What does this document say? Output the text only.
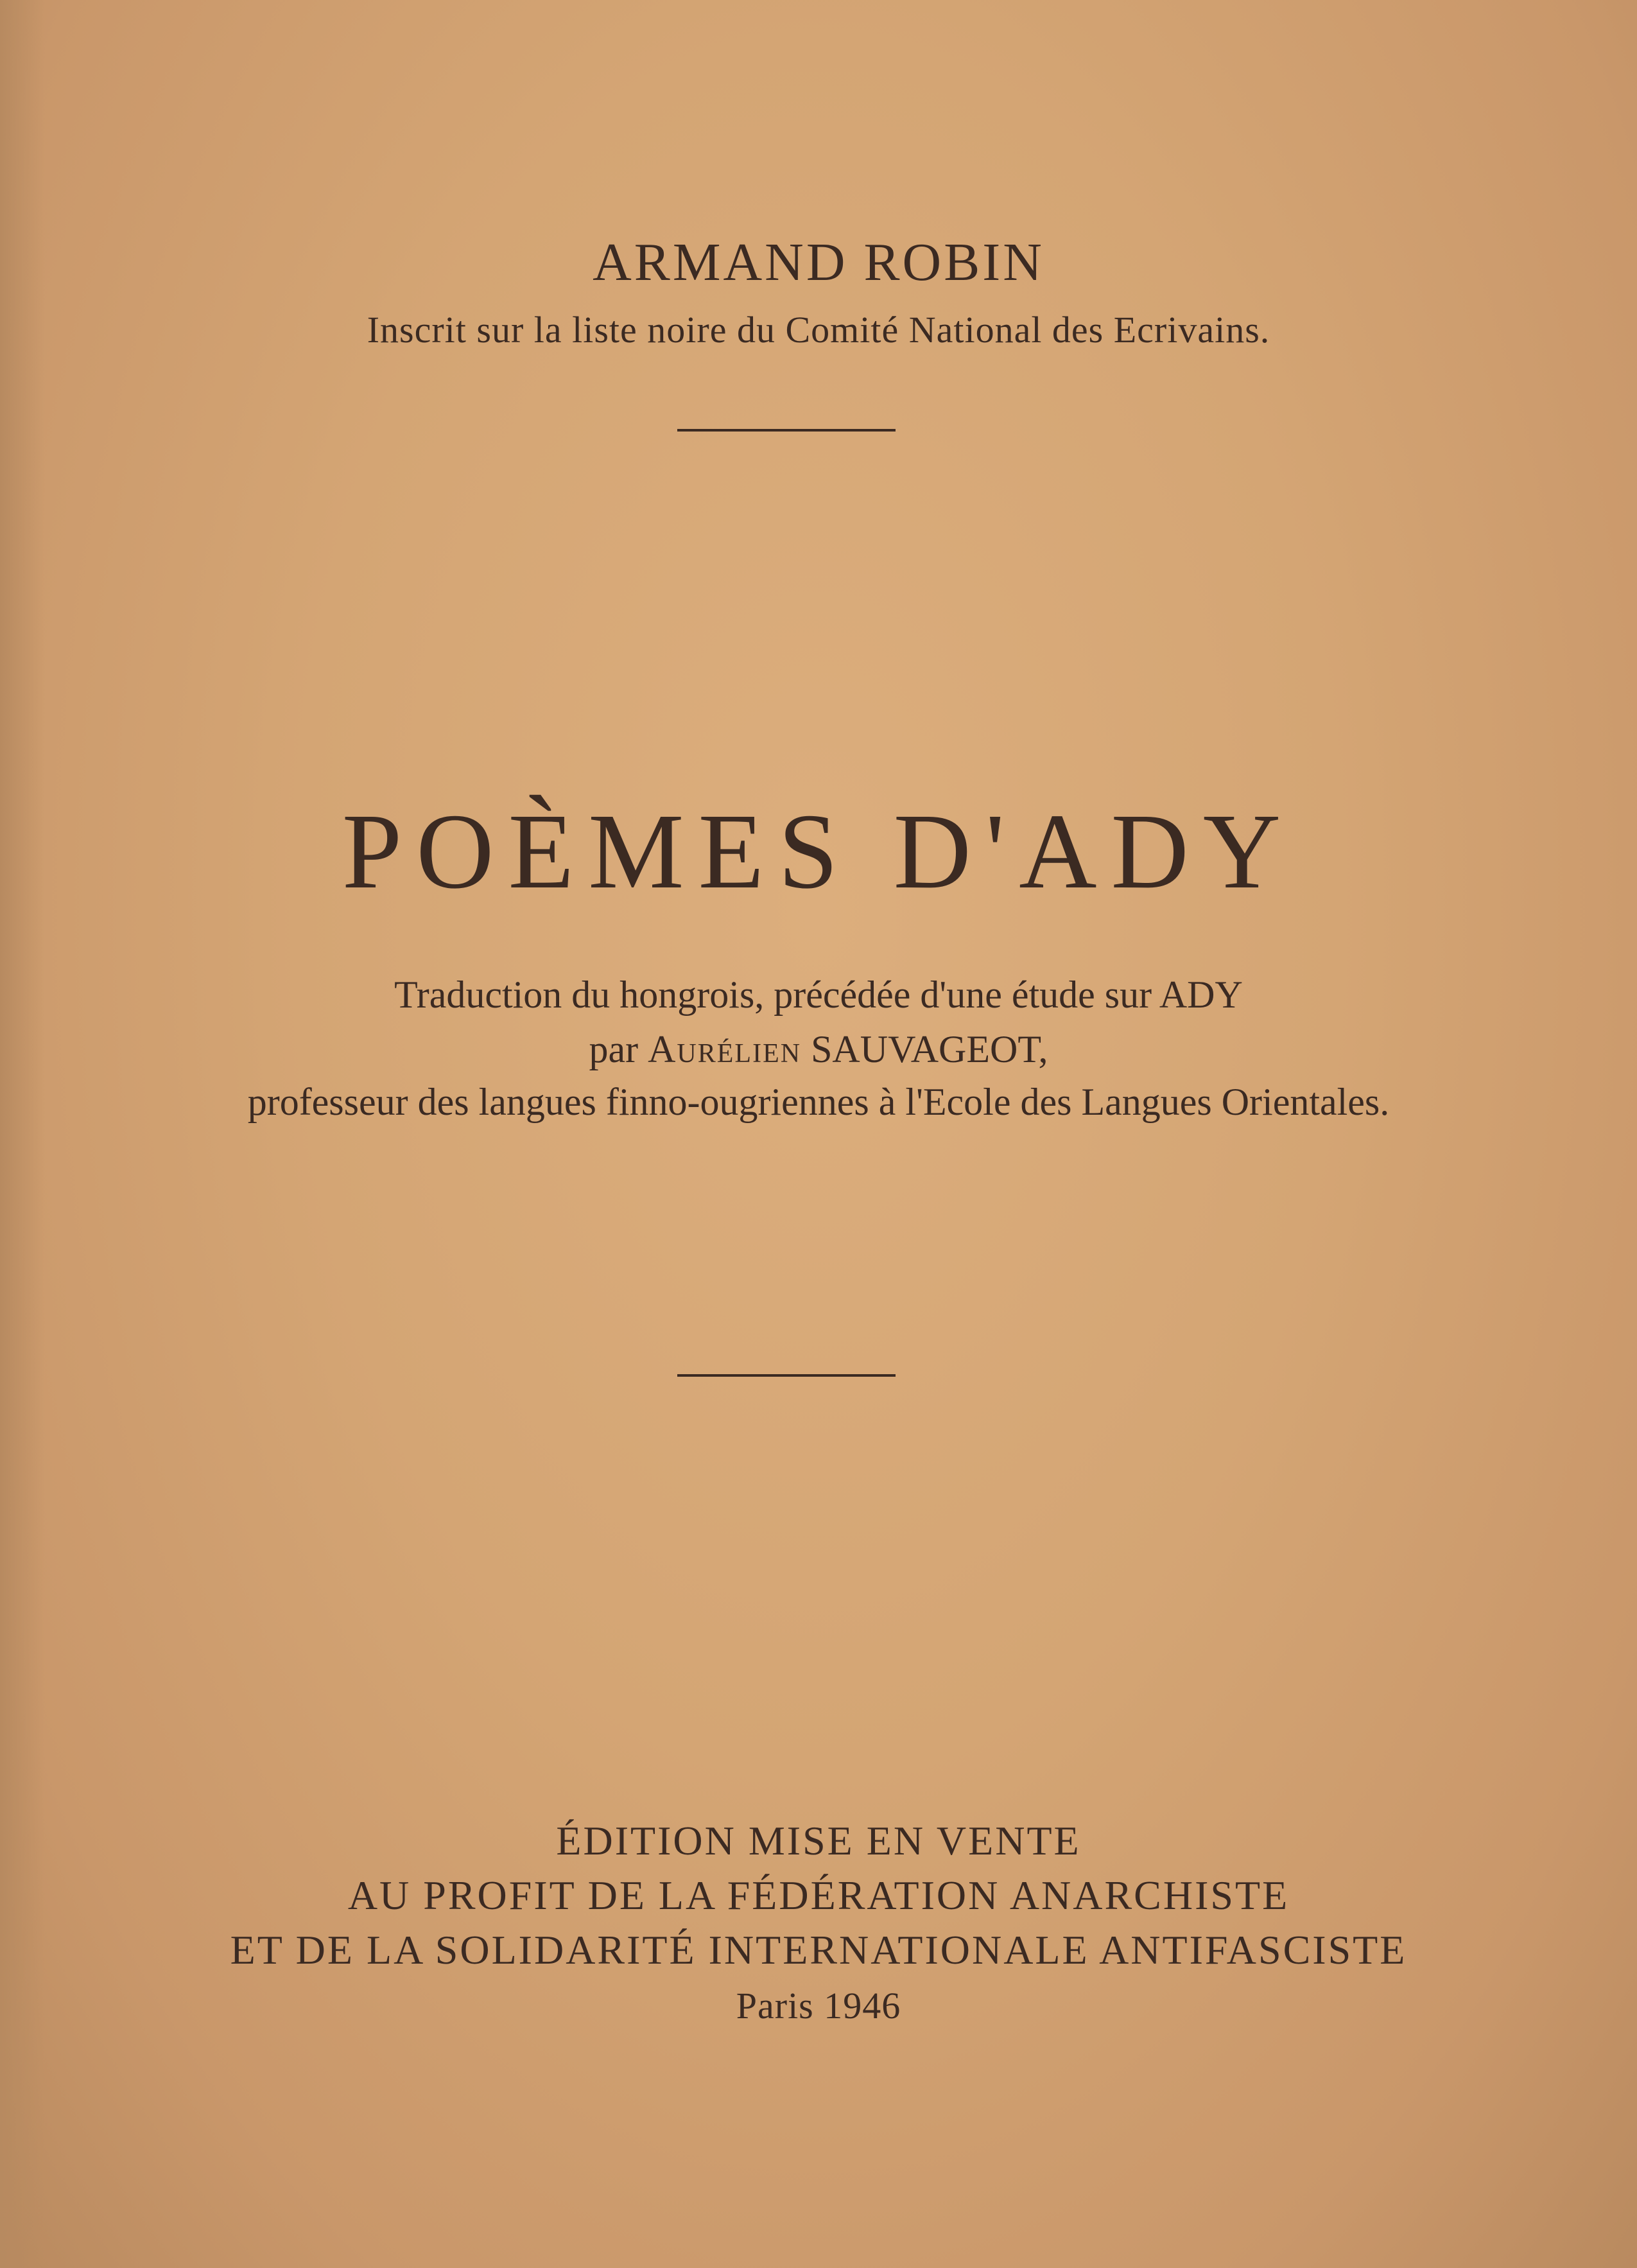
ARMAND ROBIN
Inscrit sur la liste noire du Comité National des Ecrivains.
POÈMES D'ADY
Traduction du hongrois, précédée d'une étude sur ADY
par Aurélien SAUVAGEOT,
professeur des langues finno-ougriennes à l'Ecole des Langues Orientales.
ÉDITION MISE EN VENTE
AU PROFIT DE LA FÉDÉRATION ANARCHISTE
ET DE LA SOLIDARITÉ INTERNATIONALE ANTIFASCISTE
Paris 1946
